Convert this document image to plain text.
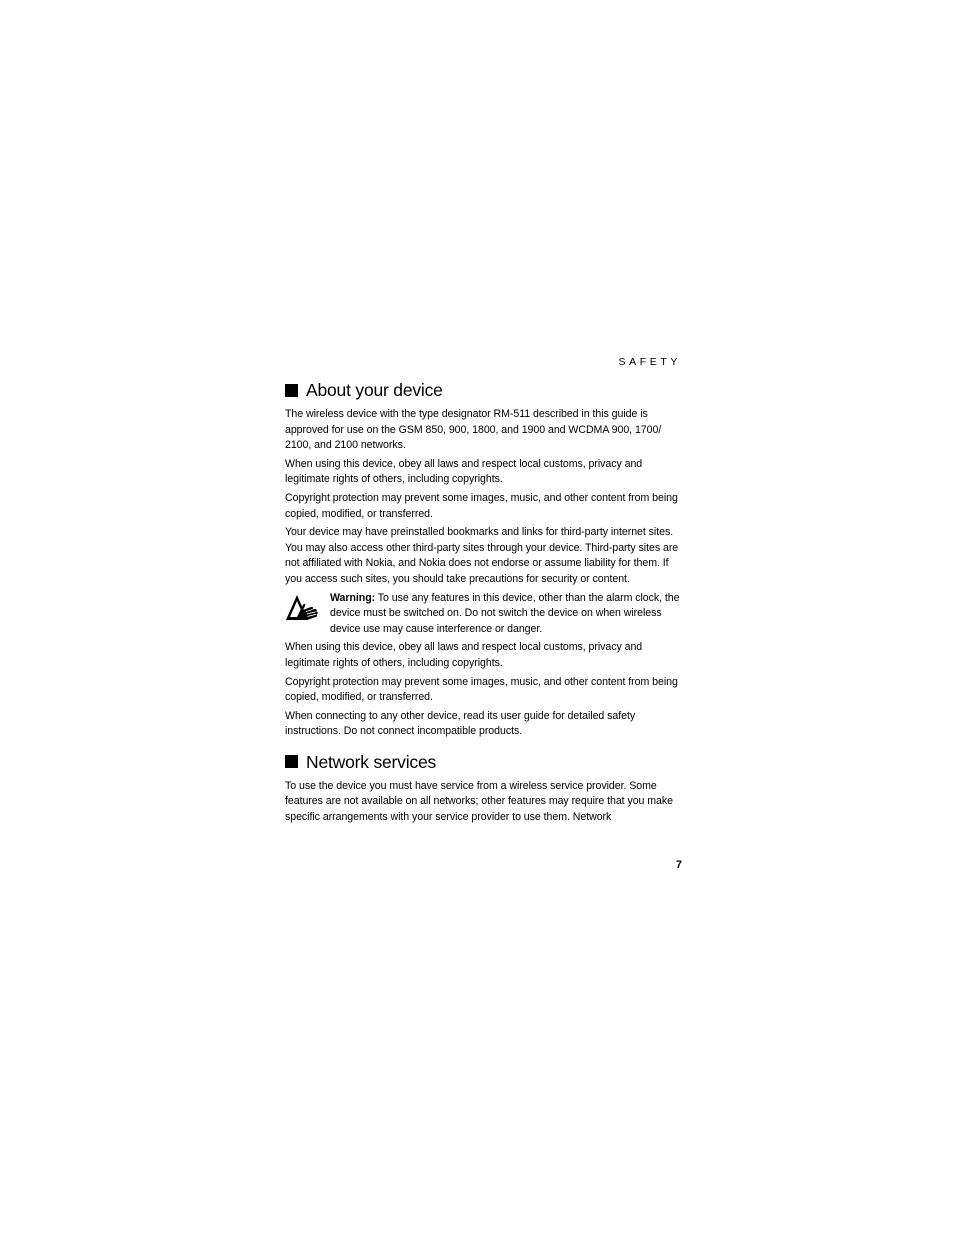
SAFETY
About your device

The wireless device with the type designator RM-511 described in this guide is approved for use on the GSM 850, 900, 1800, and 1900 and WCDMA 900, 1700/ 2100, and 2100 networks.

When using this device, obey all laws and respect local customs, privacy and legitimate rights of others, including copyrights.

Copyright protection may prevent some images, music, and other content from being copied, modified, or transferred.

Your device may have preinstalled bookmarks and links for third-party internet sites. You may also access other third-party sites through your device. Third-party sites are not affiliated with Nokia, and Nokia does not endorse or assume liability for them. If you access such sites, you should take precautions for security or content.

Warning: To use any features in this device, other than the alarm clock, the device must be switched on. Do not switch the device on when wireless device use may cause interference or danger.

When using this device, obey all laws and respect local customs, privacy and legitimate rights of others, including copyrights.

Copyright protection may prevent some images, music, and other content from being copied, modified, or transferred.

When connecting to any other device, read its user guide for detailed safety instructions. Do not connect incompatible products.

Network services

To use the device you must have service from a wireless service provider. Some features are not available on all networks; other features may require that you make specific arrangements with your service provider to use them. Network

7
